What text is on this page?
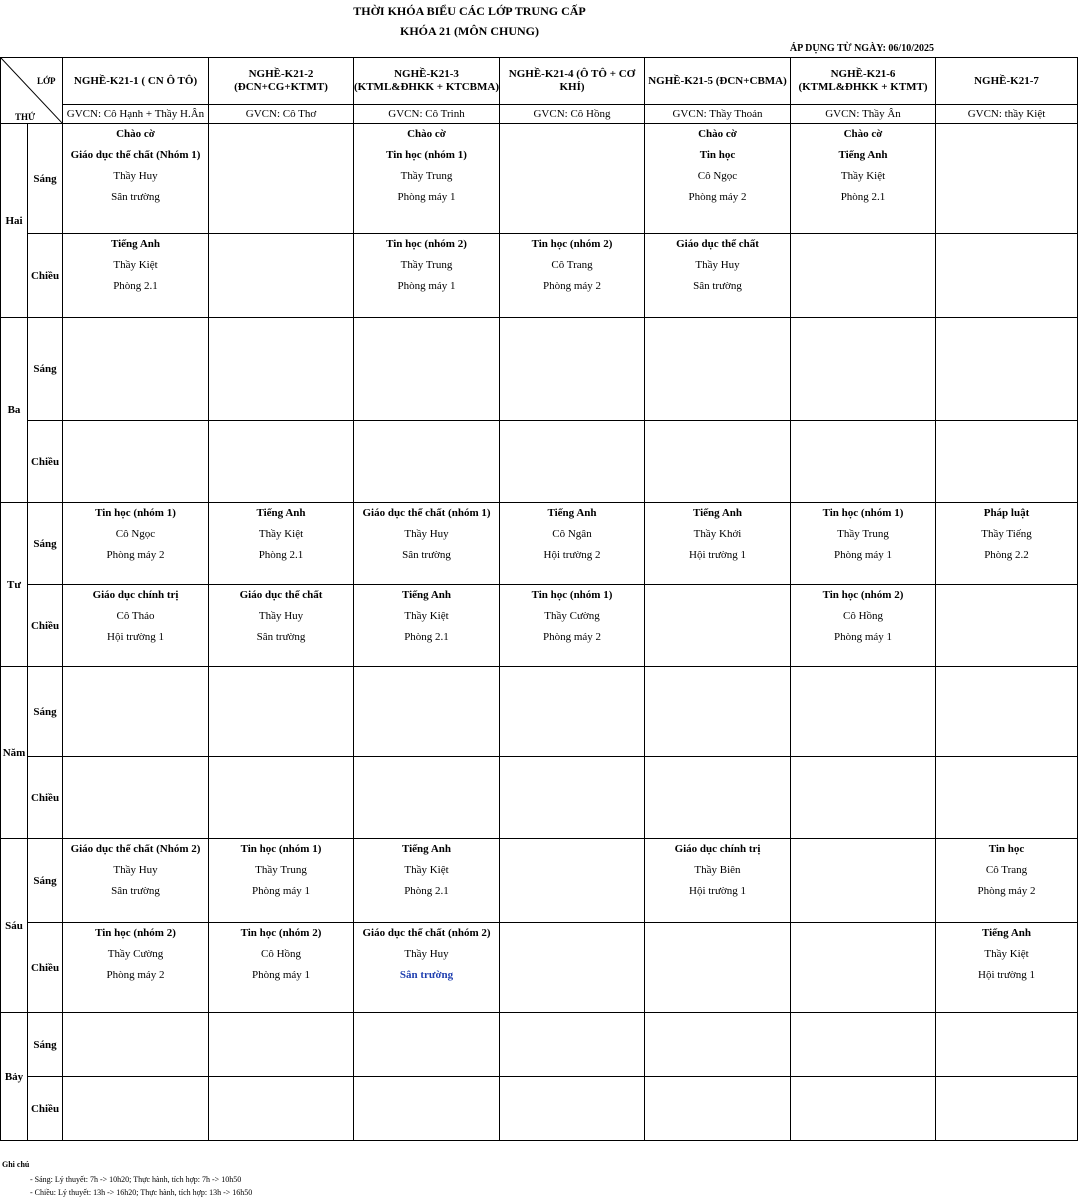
THỜI KHÓA BIỂU CÁC LỚP TRUNG CẤP
KHÓA 21 (MÔN CHUNG)
ÁP DỤNG TỪ NGÀY: 06/10/2025
LỚP
THỨ		NGHỀ-K21-1 ( CN Ô TÔ)	NGHỀ-K21-2 (ĐCN+CG+KTMT)	NGHỀ-K21-3 (KTML&ĐHKK + KTCBMA)	NGHỀ-K21-4 (Ô TÔ + CƠ KHÍ)	NGHỀ-K21-5 (ĐCN+CBMA)	NGHỀ-K21-6 (KTML&ĐHKK + KTMT)	NGHỀ-K21-7
		GVCN: Cô Hạnh + Thầy H.Ân	GVCN: Cô Thơ	GVCN: Cô Trinh	GVCN: Cô Hồng	GVCN: Thầy Thoản	GVCN: Thầy Ân	GVCN: thầy Kiệt
Hai	Sáng	Chào cờ
Giáo dục thể chất (Nhóm 1)
Thầy Huy
Sân trường		Chào cờ
Tin học (nhóm 1)
Thầy Trung
Phòng máy 1		Chào cờ
Tin học
Cô Ngọc
Phòng máy 2	Chào cờ
Tiếng Anh
Thầy Kiệt
Phòng 2.1	

	Chiều	Tiếng Anh
Thầy Kiệt
Phòng 2.1		Tin học (nhóm 2)
Thầy Trung
Phòng máy 1	Tin học (nhóm 2)
Cô Trang
Phòng máy 2	Giáo dục thể chất
Thầy Huy
Sân trường		

Ba	Sáng							
	Chiều							
Tư	Sáng	Tin học (nhóm 1)
Cô Ngọc
Phòng máy 2	Tiếng Anh
Thầy Kiệt
Phòng 2.1	Giáo dục thể chất (nhóm 1)
Thầy Huy
Sân trường	Tiếng Anh
Cô Ngân
Hội trường 2	Tiếng Anh
Thầy Khởi
Hội trường 1	Tin học (nhóm 1)
Thầy Trung
Phòng máy 1	Pháp luật
Thầy Tiếng
Phòng 2.2

	Chiều	Giáo dục chính trị
Cô Thảo
Hội trường 1	Giáo dục thể chất
Thầy Huy
Sân trường	Tiếng Anh
Thầy Kiệt
Phòng 2.1	Tin học (nhóm 1)
Thầy Cường
Phòng máy 2		Tin học (nhóm 2)
Cô Hồng
Phòng máy 1	

Năm	Sáng							
	Chiều							
Sáu	Sáng	Giáo dục thể chất (Nhóm 2)
Thầy Huy
Sân trường	Tin học (nhóm 1)
Thầy Trung
Phòng máy 1	Tiếng Anh
Thầy Kiệt
Phòng 2.1		Giáo dục chính trị
Thầy Biên
Hội trường 1		Tin học
Cô Trang
Phòng máy 2

	Chiều	Tin học (nhóm 2)
Thầy Cường
Phòng máy 2	Tin học (nhóm 2)
Cô Hồng
Phòng máy 1	Giáo dục thể chất (nhóm 2)
Thầy Huy
Sân trường				Tiếng Anh
Thầy Kiệt
Hội trường 1

Bảy	Sáng							
	Chiều							
Ghi chú
- Sáng: Lý thuyết: 7h -> 10h20; Thực hành, tích hợp: 7h -> 10h50
- Chiều: Lý thuyết: 13h -> 16h20; Thực hành, tích hợp: 13h -> 16h50
